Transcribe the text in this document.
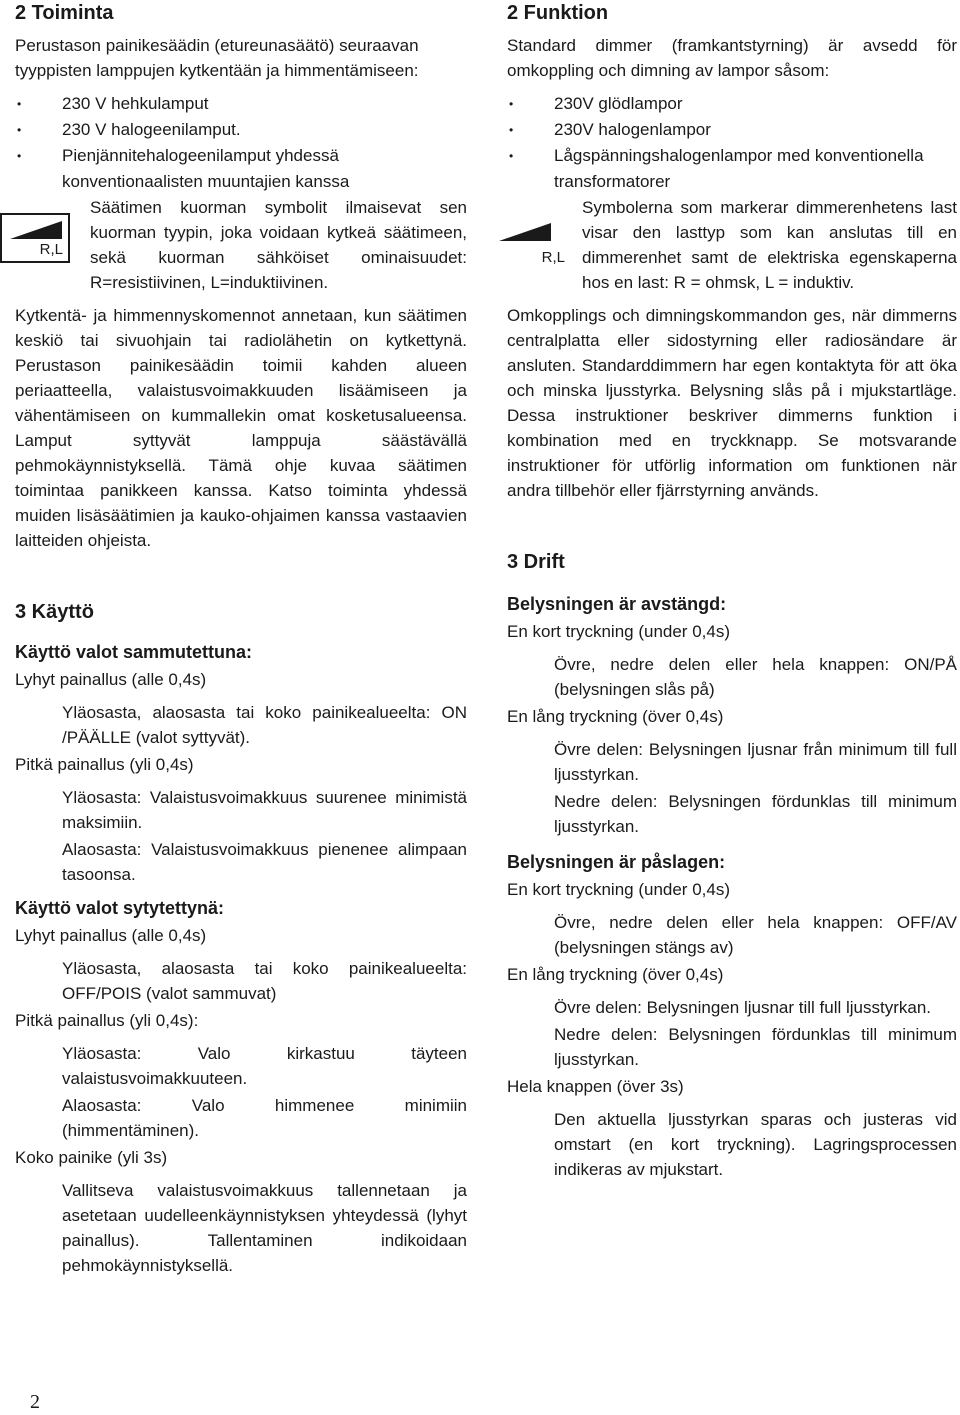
2 Toiminta

Perustason painikesäädin (etureunasäätö) seuraavan tyyppisten lamppujen kytkentään ja himmentämiseen:

• 230 V hehkulamput
• 230 V halogeenilamput.
• Pienjännitehalogeenilamput yhdessä konventionaalisten muuntajien kanssa
R,L

Säätimen kuorman symbolit ilmaisevat sen kuorman tyypin, joka voidaan kytkeä säätimeen, sekä kuorman sähköiset ominaisuudet: R=resistiivinen, L=induktiivinen.

Kytkentä- ja himmennyskomennot annetaan, kun säätimen keskiö tai sivuohjain tai radiolähetin on kytkettynä. Perustason painikesäädin toimii kahden alueen periaatteella, valaistusvoimakkuuden lisäämiseen ja vähentämiseen on kummallekin omat kosketusalueensa. Lamput syttyvät lamppuja säästävällä pehmokäynnistyksellä. Tämä ohje kuvaa säätimen toimintaa panikkeen kanssa. Katso toiminta yhdessä muiden lisäsäätimien ja kauko-ohjaimen kanssa vastaavien laitteiden ohjeista.

3 Käyttö
Käyttö valot sammutettuna:

Lyhyt painallus (alle 0,4s)

Yläosasta, alaosasta tai koko painikealueelta: ON /PÄÄLLE (valot syttyvät).

Pitkä painallus (yli 0,4s)

Yläosasta: Valaistusvoimakkuus suurenee minimistä maksimiin.

Alaosasta: Valaistusvoimakkuus pienenee alimpaan tasoonsa.

Käyttö valot sytytettynä:

Lyhyt painallus (alle 0,4s)

Yläosasta, alaosasta tai koko painikealueelta: OFF/POIS (valot sammuvat)

Pitkä painallus (yli 0,4s):

Yläosasta: Valo kirkastuu täyteen valaistusvoimakkuuteen.

Alaosasta: Valo himmenee minimiin (himmentäminen).

Koko painike (yli 3s)

Vallitseva valaistusvoimakkuus tallennetaan ja asetetaan uudelleenkäynnistyksen yhteydessä (lyhyt painallus). Tallentaminen indikoidaan pehmokäynnistyksellä.

2 Funktion

Standard dimmer (framkantstyrning) är avsedd för omkoppling och dimning av lampor såsom:

• 230V glödlampor
• 230V halogenlampor
• Lågspänningshalogenlampor med konventionella transformatorer
R,L

Symbolerna som markerar dimmerenhetens last visar den lasttyp som kan anslutas till en dimmerenhet samt de elektriska egenskaperna hos en last: R = ohmsk, L = induktiv.

Omkopplings och dimningskommandon ges, när dimmerns centralplatta eller sidostyrning eller radiosändare är ansluten. Standarddimmern har egen kontaktyta för att öka och minska ljusstyrka. Belysning slås på i mjukstartläge. Dessa instruktioner beskriver dimmerns funktion i kombination med en tryckknapp. Se motsvarande instruktioner för utförlig information om funktionen när andra tillbehör eller fjärrstyrning används.

3 Drift
Belysningen är avstängd:

En kort tryckning (under 0,4s)

Övre, nedre delen eller hela knappen: ON/PÅ (belysningen slås på)

En lång tryckning (över 0,4s)

Övre delen: Belysningen ljusnar från minimum till full ljusstyrkan.

Nedre delen: Belysningen fördunklas till minimum ljusstyrkan.

Belysningen är påslagen:

En kort tryckning (under 0,4s)

Övre, nedre delen eller hela knappen: OFF/AV (belysningen stängs av)

En lång tryckning (över 0,4s)

Övre delen: Belysningen ljusnar till full ljusstyrkan.

Nedre delen: Belysningen fördunklas till minimum ljusstyrkan.

Hela knappen (över 3s)

Den aktuella ljusstyrkan sparas och justeras vid omstart (en kort tryckning). Lagringsprocessen indikeras av mjukstart.

2
